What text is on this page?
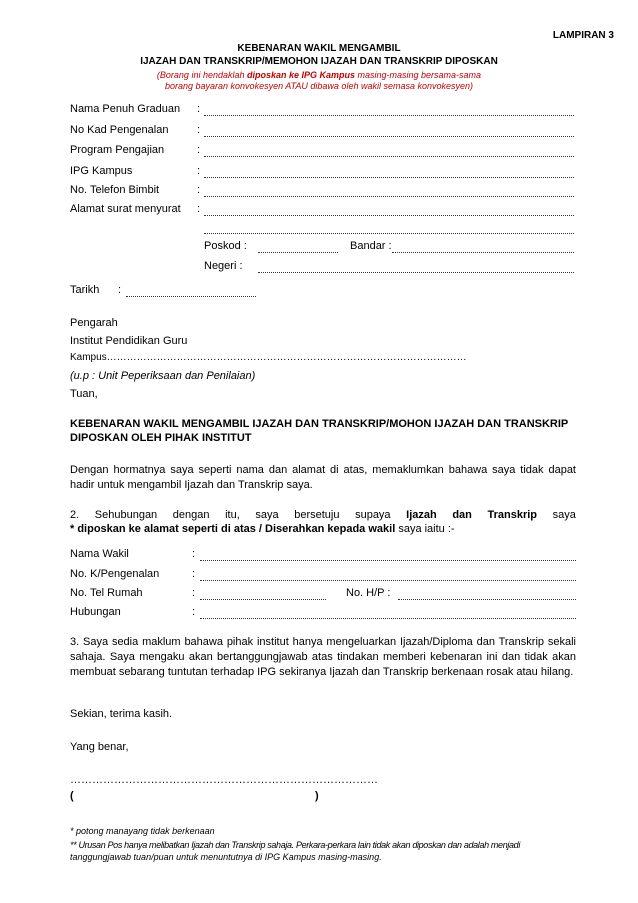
LAMPIRAN 3
KEBENARAN WAKIL MENGAMBIL
IJAZAH DAN TRANSKRIP/MEMOHON IJAZAH DAN TRANSKRIP DIPOSKAN
(Borang ini hendaklah diposkan ke IPG Kampus masing-masing bersama-sama
borang bayaran konvokesyen ATAU dibawa oleh wakil semasa konvokesyen)
Nama Penuh Graduan :
No Kad Pengenalan	:
Program Pengajian	:
IPG Kampus	:
No. Telefon Bimbit	:
Alamat surat menyurat :
Poskod :	Bandar :
Negeri :
Tarikh :
Pengarah
Institut Pendidikan Guru
Kampus………………………………………………………………………………………………
(u.p : Unit Peperiksaan dan Penilaian)
Tuan,
KEBENARAN WAKIL MENGAMBIL IJAZAH DAN TRANSKRIP/MOHON IJAZAH DAN TRANSKRIP
DIPOSKAN OLEH PIHAK INSTITUT
Dengan hormatnya saya seperti nama dan alamat di atas, memaklumkan bahawa saya tidak dapat hadir untuk mengambil Ijazah dan Transkrip saya.
2. Sehubungan dengan itu, saya bersetuju supaya Ijazah dan Transkrip saya
* diposkan ke alamat seperti di atas / Diserahkan kepada wakil saya iaitu :-
Nama Wakil	:
No. K/Pengenalan	:
No. Tel Rumah	:	No. H/P :
Hubungan	:
3. Saya sedia maklum bahawa pihak institut hanya mengeluarkan Ijazah/Diploma dan Transkrip sekali sahaja. Saya mengaku akan bertanggungjawab atas tindakan memberi kebenaran ini dan tidak akan membuat sebarang tuntutan terhadap IPG sekiranya Ijazah dan Transkrip berkenaan rosak atau hilang.
Sekian, terima kasih.
Yang benar,
…………………………………………………………………………
(	)
* potong manayang tidak berkenaan
** Urusan Pos hanya melibatkan Ijazah dan Transkrip sahaja. Perkara-perkara lain tidak akan diposkan dan adalah menjadi
tanggungjawab tuan/puan untuk menuntutnya di IPG Kampus masing-masing.
